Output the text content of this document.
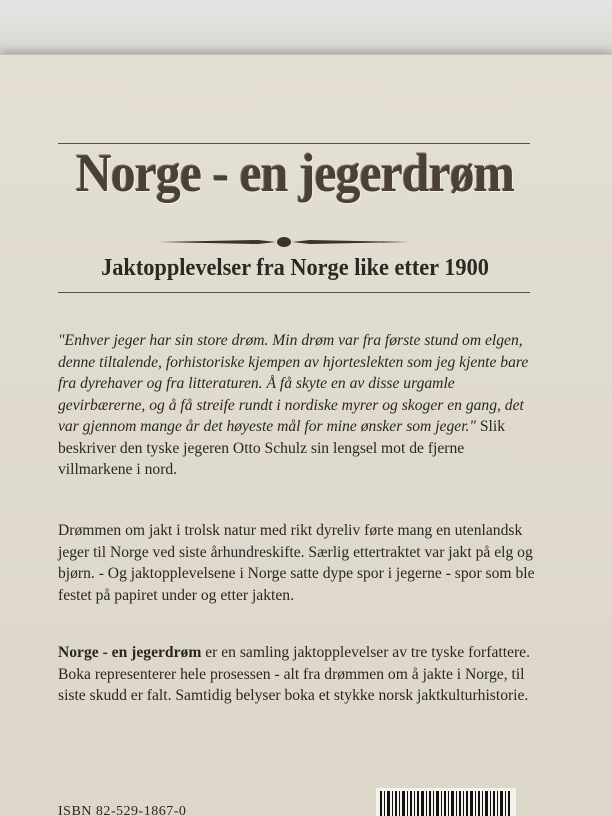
Norge - en jegerdrøm
Jaktopplevelser fra Norge like etter 1900
"Enhver jeger har sin store drøm. Min drøm var fra første stund om elgen, denne tiltalende, forhistoriske kjempen av hjorteslekten som jeg kjente bare fra dyrehaver og fra litteraturen. Å få skyte en av disse urgamle gevirbærerne, og å få streife rundt i nordiske myrer og skoger en gang, det var gjennom mange år det høyeste mål for mine ønsker som jeger." Slik beskriver den tyske jegeren Otto Schulz sin lengsel mot de fjerne villmarkene i nord.
Drømmen om jakt i trolsk natur med rikt dyreliv førte mang en utenlandsk jeger til Norge ved siste århundreskifte. Særlig ettertraktet var jakt på elg og bjørn. - Og jaktopplevelsene i Norge satte dype spor i jegerne - spor som ble festet på papiret under og etter jakten.
Norge - en jegerdrøm er en samling jaktopplevelser av tre tyske forfattere. Boka representerer hele prosessen - alt fra drømmen om å jakte i Norge, til siste skudd er falt. Samtidig belyser boka et stykke norsk jaktkulturhistorie.
ISBN 82-529-1867-0
